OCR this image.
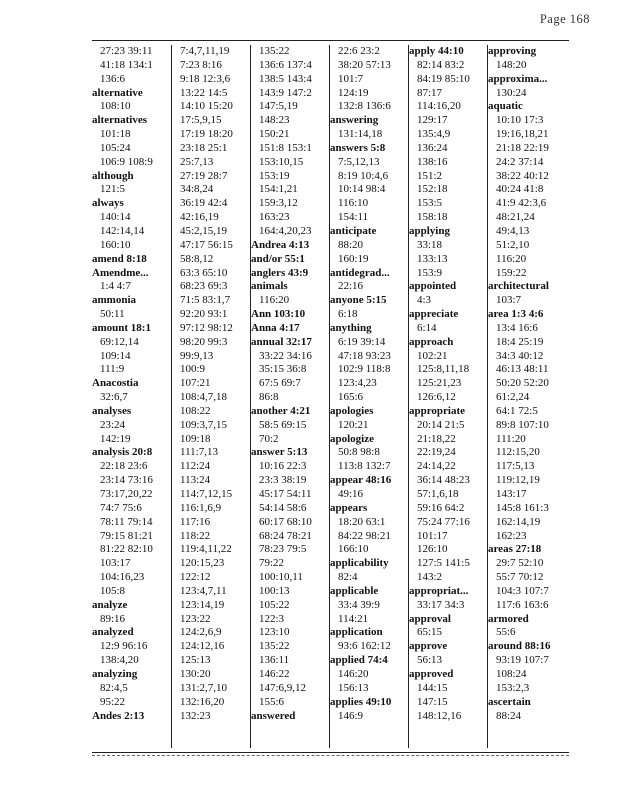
Page 168
27:23 39:11
41:18 134:1
136:6
alternative
108:10
alternatives
101:18
105:24
106:9 108:9
although
121:5
always
140:14
142:14,14
160:10
amend 8:18
Amendme...
1:4 4:7
ammonia
50:11
amount 18:1
69:12,14
109:14
111:9
Anacostia
32:6,7
analyses
23:24
142:19
analysis 20:8
22:18 23:6
23:14 73:16
73:17,20,22
74:7 75:6
78:11 79:14
79:15 81:21
81:22 82:10
103:17
104:16,23
105:8
analyze
89:16
analyzed
12:9 96:16
138:4,20
analyzing
82:4,5
95:22
Andes 2:13
7:4,7,11,19
7:23 8:16
9:18 12:3,6
13:22 14:5
14:10 15:20
17:5,9,15
17:19 18:20
23:18 25:1
25:7,13
27:19 28:7
34:8,24
36:19 42:4
42:16,19
45:2,15,19
47:17 56:15
58:8,12
63:3 65:10
68:23 69:3
71:5 83:1,7
92:20 93:1
97:12 98:12
98:20 99:3
99:9,13
100:9
107:21
108:4,7,18
108:22
109:3,7,15
109:18
111:7,13
112:24
113:24
114:7,12,15
116:1,6,9
117:16
118:22
119:4,11,22
120:15,23
122:12
123:4,7,11
123:14,19
123:22
124:2,6,9
124:12,16
125:13
130:20
131:2,7,10
132:16,20
132:23
135:22
136:6 137:4
138:5 143:4
143:9 147:2
147:5,19
148:23
150:21
151:8 153:1
153:10,15
153:19
154:1,21
159:3,12
163:23
164:4,20,23
Andrea 4:13
and/or 55:1
anglers 43:9
animals
116:20
Ann 103:10
Anna 4:17
annual 32:17
33:22 34:16
35:15 36:8
67:5 69:7
86:8
another 4:21
58:5 69:15
70:2
answer 5:13
10:16 22:3
23:3 38:19
45:17 54:11
54:14 58:6
60:17 68:10
68:24 78:21
78:23 79:5
79:22
100:10,11
100:13
105:22
122:3
123:10
135:22
136:11
146:22
147:6,9,12
155:6
answered
22:6 23:2
38:20 57:13
101:7
124:19
132:8 136:6
answering
131:14,18
answers 5:8
7:5,12,13
8:19 10:4,6
10:14 98:4
116:10
154:11
anticipate
88:20
160:19
antidegrad...
22:16
anyone 5:15
6:18
anything
6:19 39:14
47:18 93:23
102:9 118:8
123:4,23
165:6
apologies
120:21
apologize
50:8 98:8
113:8 132:7
appear 48:16
49:16
appears
18:20 63:1
84:22 98:21
166:10
applicability
82:4
applicable
33:4 39:9
114:21
application
93:6 162:12
applied 74:4
146:20
156:13
applies 49:10
146:9
apply 44:10
82:14 83:2
84:19 85:10
87:17
114:16,20
129:17
135:4,9
136:24
138:16
151:2
152:18
153:5
158:18
applying
33:18
133:13
153:9
appointed
4:3
appreciate
6:14
approach
102:21
125:8,11,18
125:21,23
126:6,12
appropriate
20:14 21:5
21:18,22
22:19,24
24:14,22
36:14 48:23
57:1,6,18
59:16 64:2
75:24 77:16
101:17
126:10
127:5 141:5
143:2
appropriat...
33:17 34:3
approval
65:15
approve
56:13
approved
144:15
147:15
148:12,16
approving
148:20
approxima...
130:24
aquatic
10:10 17:3
19:16,18,21
21:18 22:19
24:2 37:14
38:22 40:12
40:24 41:8
41:9 42:3,6
48:21,24
49:4,13
51:2,10
116:20
159:22
architectural
103:7
area 1:3 4:6
13:4 16:6
18:4 25:19
34:3 40:12
46:13 48:11
50:20 52:20
61:2,24
64:1 72:5
89:8 107:10
111:20
112:15,20
117:5,13
119:12,19
143:17
145:8 161:3
162:14,19
162:23
areas 27:18
29:7 52:10
55:7 70:12
104:3 107:7
117:6 163:6
armored
55:6
around 88:16
93:19 107:7
108:24
153:2,3
ascertain
88:24
